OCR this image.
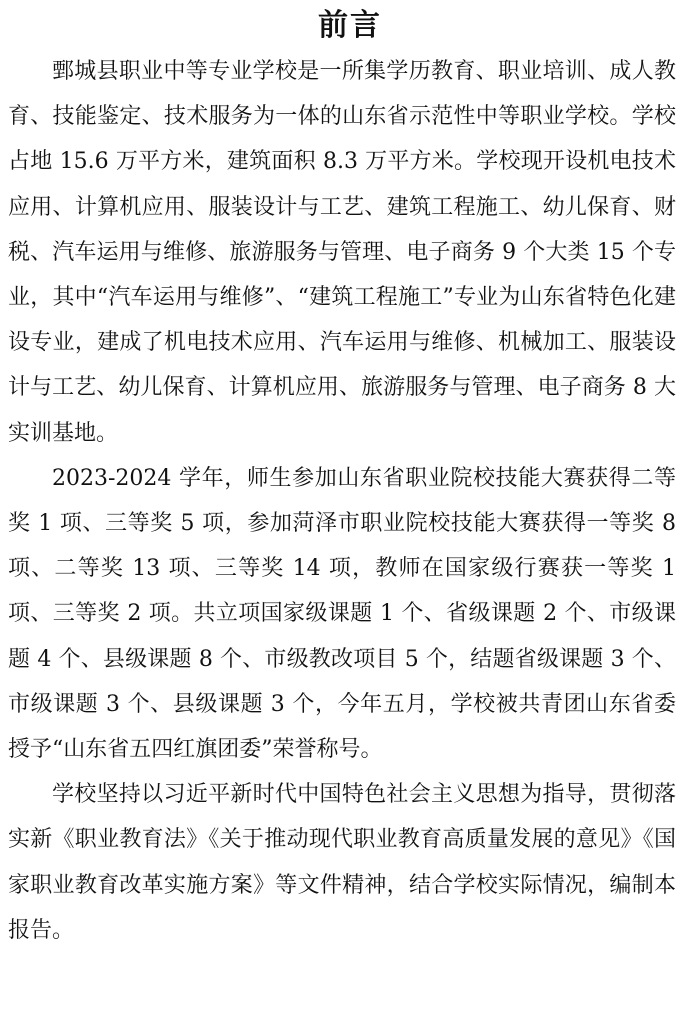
前言

鄄城县职业中等专业学校是一所集学历教育、职业培训、成人教育、技能鉴定、技术服务为一体的山东省示范性中等职业学校。学校占地 15.6 万平方米，建筑面积 8.3 万平方米。学校现开设机电技术应用、计算机应用、服装设计与工艺、建筑工程施工、幼儿保育、财税、汽车运用与维修、旅游服务与管理、电子商务 9 个大类 15 个专业，其中“汽车运用与维修”、“建筑工程施工”专业为山东省特色化建设专业，建成了机电技术应用、汽车运用与维修、机械加工、服装设计与工艺、幼儿保育、计算机应用、旅游服务与管理、电子商务 8 大实训基地。

2023-2024 学年，师生参加山东省职业院校技能大赛获得二等奖 1 项、三等奖 5 项，参加菏泽市职业院校技能大赛获得一等奖 8 项、二等奖 13 项、三等奖 14 项，教师在国家级行赛获一等奖 1 项、三等奖 2 项。共立项国家级课题 1 个、省级课题 2 个、市级课题 4 个、县级课题 8 个、市级教改项目 5 个，结题省级课题 3 个、市级课题 3 个、县级课题 3 个，今年五月，学校被共青团山东省委授予“山东省五四红旗团委”荣誉称号。

学校坚持以习近平新时代中国特色社会主义思想为指导，贯彻落实新《职业教育法》《关于推动现代职业教育高质量发展的意见》《国家职业教育改革实施方案》等文件精神，结合学校实际情况，编制本报告。
